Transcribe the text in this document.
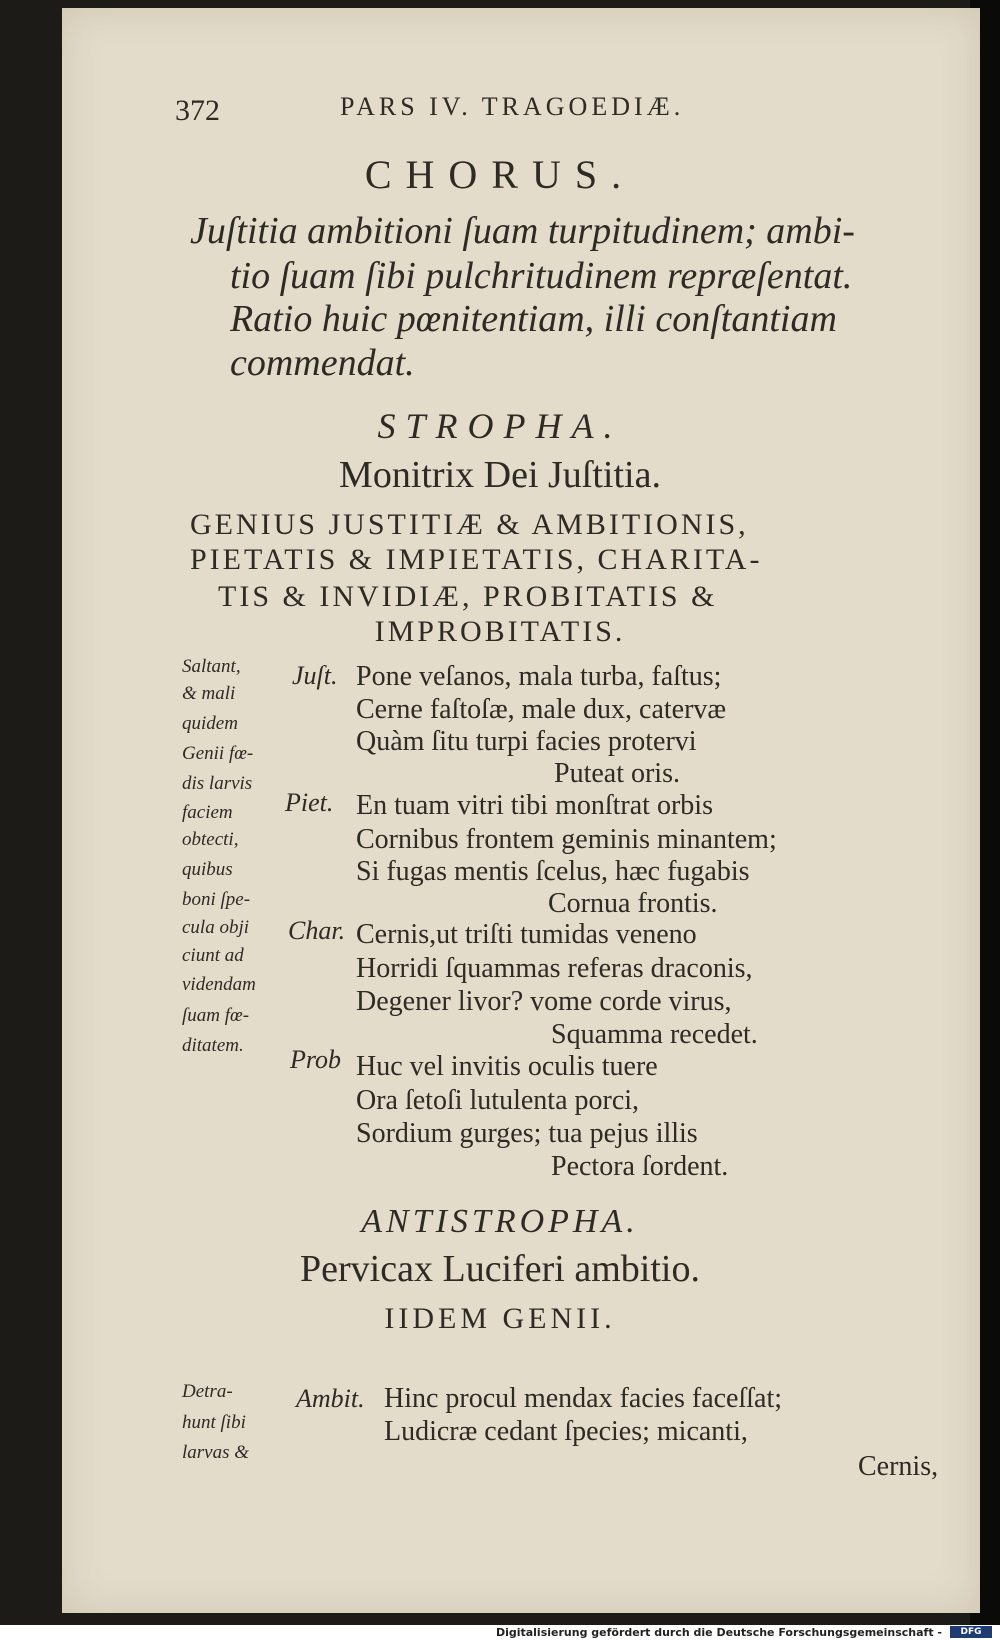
372	PARS IV. TRAGOEDIÆ.
CHORUS.
Juſtitia ambitioni ſuam turpitudinem; ambi-
tio ſuam ſibi pulchritudinem repræſentat.
Ratio huic pœnitentiam, illi conſtantiam
commendat.
STROPHA.
Monitrix Dei Juſtitia.
GENIUS JUSTITIÆ & AMBITIONIS,
PIETATIS & IMPIETATIS, CHARITA-
TIS & INVIDIÆ, PROBITATIS &
IMPROBITATIS.
Saltant,
& mali
quidem
Genii fœ-
dis larvis
faciem
obtecti,
quibus
boni ſpe-
cula obji
ciunt ad
videndam
ſuam fœ-
ditatem.
Juſt.
Piet.
Char.
Prob
Pone veſanos, mala turba, faſtus;
Cerne faſtoſæ, male dux, catervæ
Quàm ſitu turpi facies protervi
Puteat oris.
En tuam vitri tibi monſtrat orbis
Cornibus frontem geminis minantem;
Si fugas mentis ſcelus, hæc fugabis
Cornua frontis.
Cernis,ut triſti tumidas veneno
Horridi ſquammas referas draconis,
Degener livor? vome corde virus,
Squamma recedet.
Huc vel invitis oculis tuere
Ora ſetoſi lutulenta porci,
Sordium gurges; tua pejus illis
Pectora ſordent.
ANTISTROPHA.
Pervicax Luciferi ambitio.
IIDEM GENII.
Detra-
hunt ſibi
larvas &
Ambit. Hinc procul mendax facies faceſſat;
Ludicræ cedant ſpecies; micanti,
Cernis,
Digitalisierung gefördert durch die Deutsche Forschungsgemeinschaft -	DFG
